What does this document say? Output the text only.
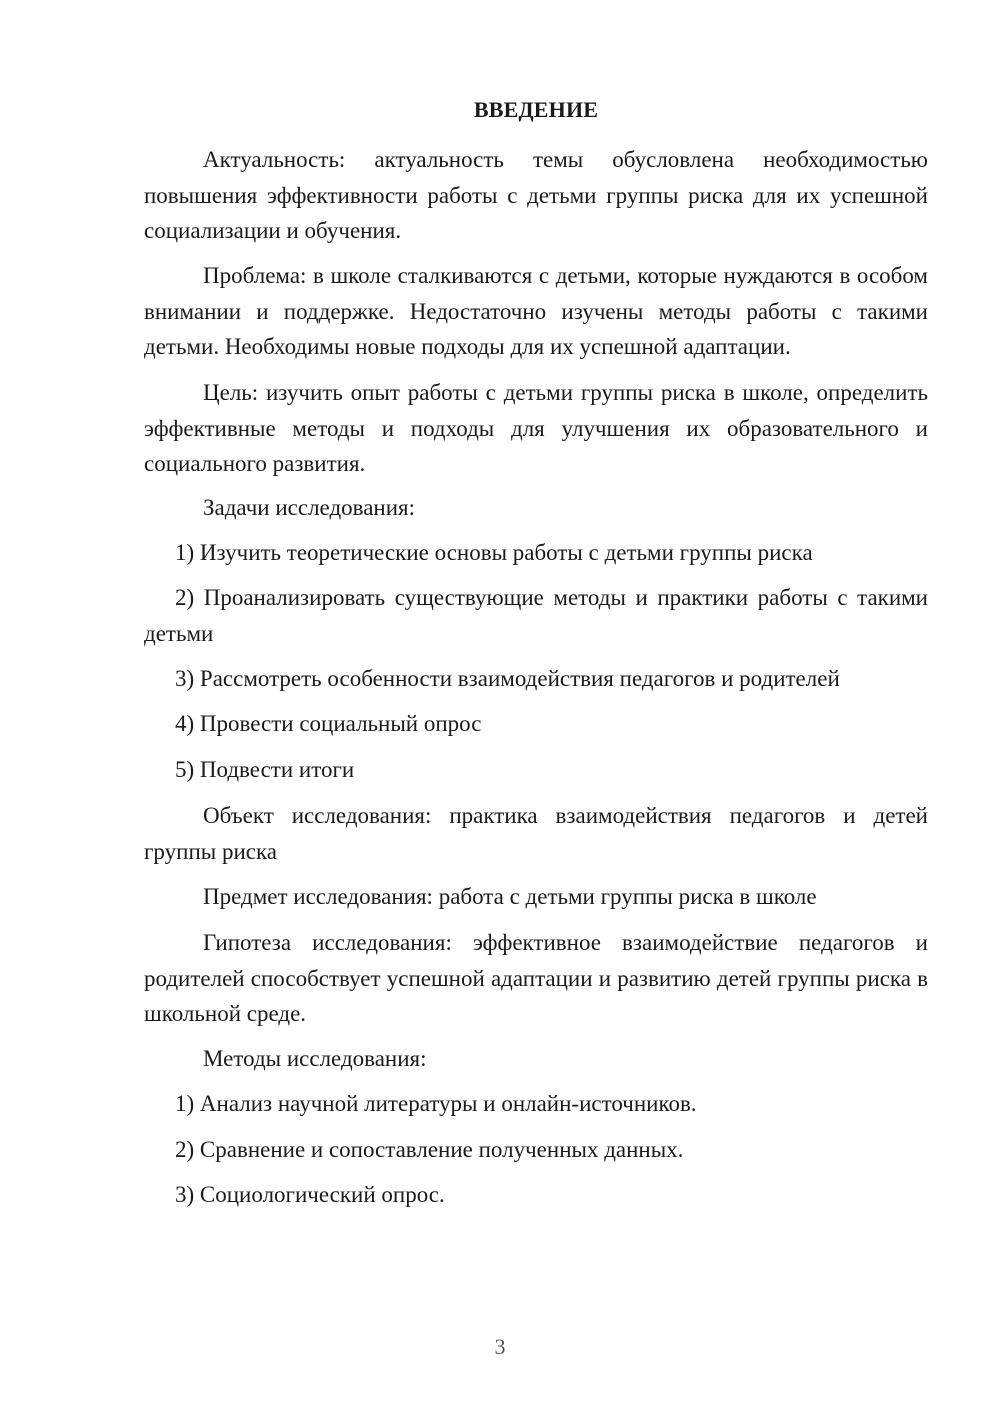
ВВЕДЕНИЕ

Актуальность: актуальность темы обусловлена необходимостью повышения эффективности работы с детьми группы риска для их успешной социализации и обучения.

Проблема: в школе сталкиваются с детьми, которые нуждаются в особом внимании и поддержке. Недостаточно изучены методы работы с такими детьми. Необходимы новые подходы для их успешной адаптации.

Цель: изучить опыт работы с детьми группы риска в школе, определить эффективные методы и подходы для улучшения их образовательного и социального развития.

Задачи исследования:

1) Изучить теоретические основы работы с детьми группы риска

2) Проанализировать существующие методы и практики работы с такими детьми

3) Рассмотреть особенности взаимодействия педагогов и родителей

4) Провести социальный опрос

5) Подвести итоги

Объект исследования: практика взаимодействия педагогов и детей группы риска

Предмет исследования: работа с детьми группы риска в школе

Гипотеза исследования: эффективное взаимодействие педагогов и родителей способствует успешной адаптации и развитию детей группы риска в школьной среде.

Методы исследования:

1) Анализ научной литературы и онлайн-источников.

2) Сравнение и сопоставление полученных данных.

3) Социологический опрос.

3
